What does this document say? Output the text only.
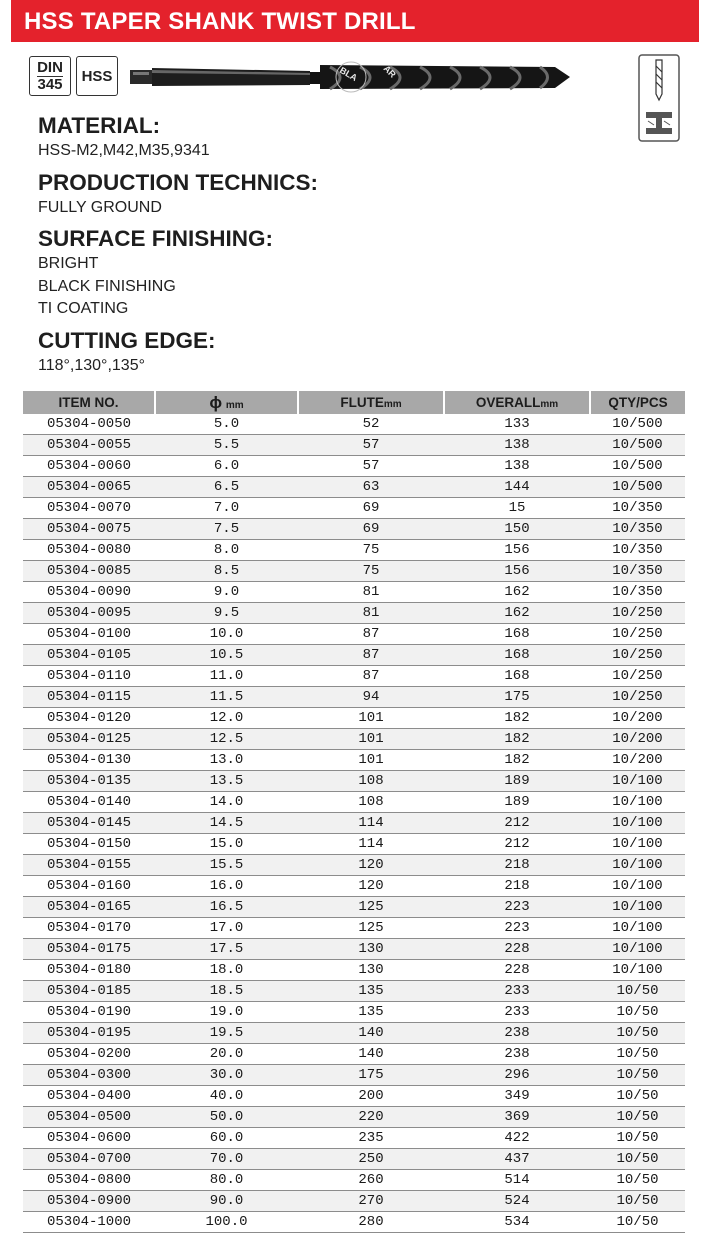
HSS TAPER SHANK TWIST DRILL
DIN
345 HSS	BLA	AR

MATERIAL:

HSS-M2,M42,M35,9341

PRODUCTION TECHNICS:

FULLY GROUND

SURFACE FINISHING:

BRIGHT

BLACK FINISHING

TI COATING

CUTTING EDGE:

118°,130°,135°

ITEM NO.	ɸ mm	FLUTEmm	OVERALLmm	QTY/PCS
05304-0050	5.0	52	133	10/500
05304-0055	5.5	57	138	10/500
05304-0060	6.0	57	138	10/500
05304-0065	6.5	63	144	10/500
05304-0070	7.0	69	15	10/350
05304-0075	7.5	69	150	10/350
05304-0080	8.0	75	156	10/350
05304-0085	8.5	75	156	10/350
05304-0090	9.0	81	162	10/350
05304-0095	9.5	81	162	10/250
05304-0100	10.0	87	168	10/250
05304-0105	10.5	87	168	10/250
05304-0110	11.0	87	168	10/250
05304-0115	11.5	94	175	10/250
05304-0120	12.0	101	182	10/200
05304-0125	12.5	101	182	10/200
05304-0130	13.0	101	182	10/200
05304-0135	13.5	108	189	10/100
05304-0140	14.0	108	189	10/100
05304-0145	14.5	114	212	10/100
05304-0150	15.0	114	212	10/100
05304-0155	15.5	120	218	10/100
05304-0160	16.0	120	218	10/100
05304-0165	16.5	125	223	10/100
05304-0170	17.0	125	223	10/100
05304-0175	17.5	130	228	10/100
05304-0180	18.0	130	228	10/100
05304-0185	18.5	135	233	10/50
05304-0190	19.0	135	233	10/50
05304-0195	19.5	140	238	10/50
05304-0200	20.0	140	238	10/50
05304-0300	30.0	175	296	10/50
05304-0400	40.0	200	349	10/50
05304-0500	50.0	220	369	10/50
05304-0600	60.0	235	422	10/50
05304-0700	70.0	250	437	10/50
05304-0800	80.0	260	514	10/50
05304-0900	90.0	270	524	10/50
05304-1000	100.0	280	534	10/50
